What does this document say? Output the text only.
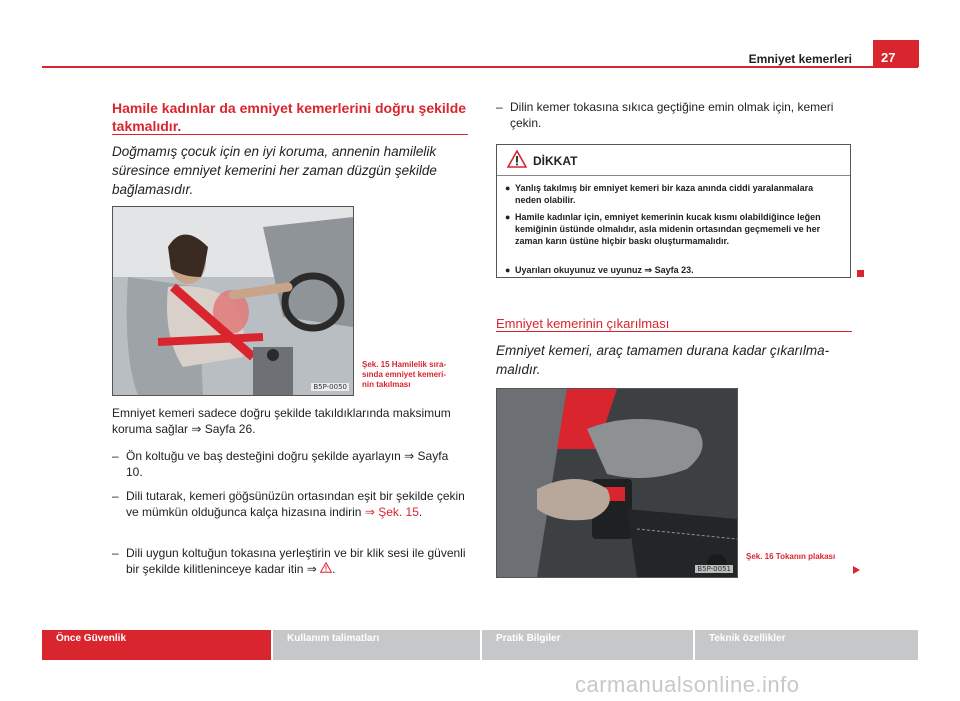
Emniyet kemerleri	27
Hamile kadınlar da emniyet kemerlerini doğru şekilde takmalıdır.
Doğmamış çocuk için en iyi koruma, annenin hamilelik süresince emniyet kemerini her zaman düzgün şekilde bağlamasıdır.
B5P-0050
Şek. 15 Hamilelik sırasında emniyet kemerinin takılması
Emniyet kemeri sadece doğru şekilde takıldıklarında maksimum koruma sağlar ⇒ Sayfa 26.
– Ön koltuğu ve baş desteğini doğru şekilde ayarlayın ⇒ Sayfa 10.
– Dili tutarak, kemeri göğsünüzün ortasından eşit bir şekilde çekin ve mümkün olduğunca kalça hizasına indirin ⇒ Şek. 15.
– Dili uygun koltuğun tokasına yerleştirin ve bir klik sesi ile güvenli bir şekilde kilitleninceye kadar itin ⇒ .
– Dilin kemer tokasına sıkıca geçtiğine emin olmak için, kemeri çekin.
DİKKAT
● Yanlış takılmış bir emniyet kemeri bir kaza anında ciddi yaralanmalara neden olabilir.
● Hamile kadınlar için, emniyet kemerinin kucak kısmı olabildiğince leğen kemiğinin üstünde olmalıdır, asla midenin ortasından geçmemeli ve her zaman karın üstüne hiçbir baskı oluşturmamalıdır.
● Uyarıları okuyunuz ve uyunuz ⇒ Sayfa 23.
Emniyet kemerinin çıkarılması
Emniyet kemeri, araç tamamen durana kadar çıkarılmamalıdır.
B5P-0051
Şek. 16 Tokanın plakası
Önce Güvenlik	Kullanım talimatları	Pratik Bilgiler	Teknik özellikler
carmanualsonline.info
